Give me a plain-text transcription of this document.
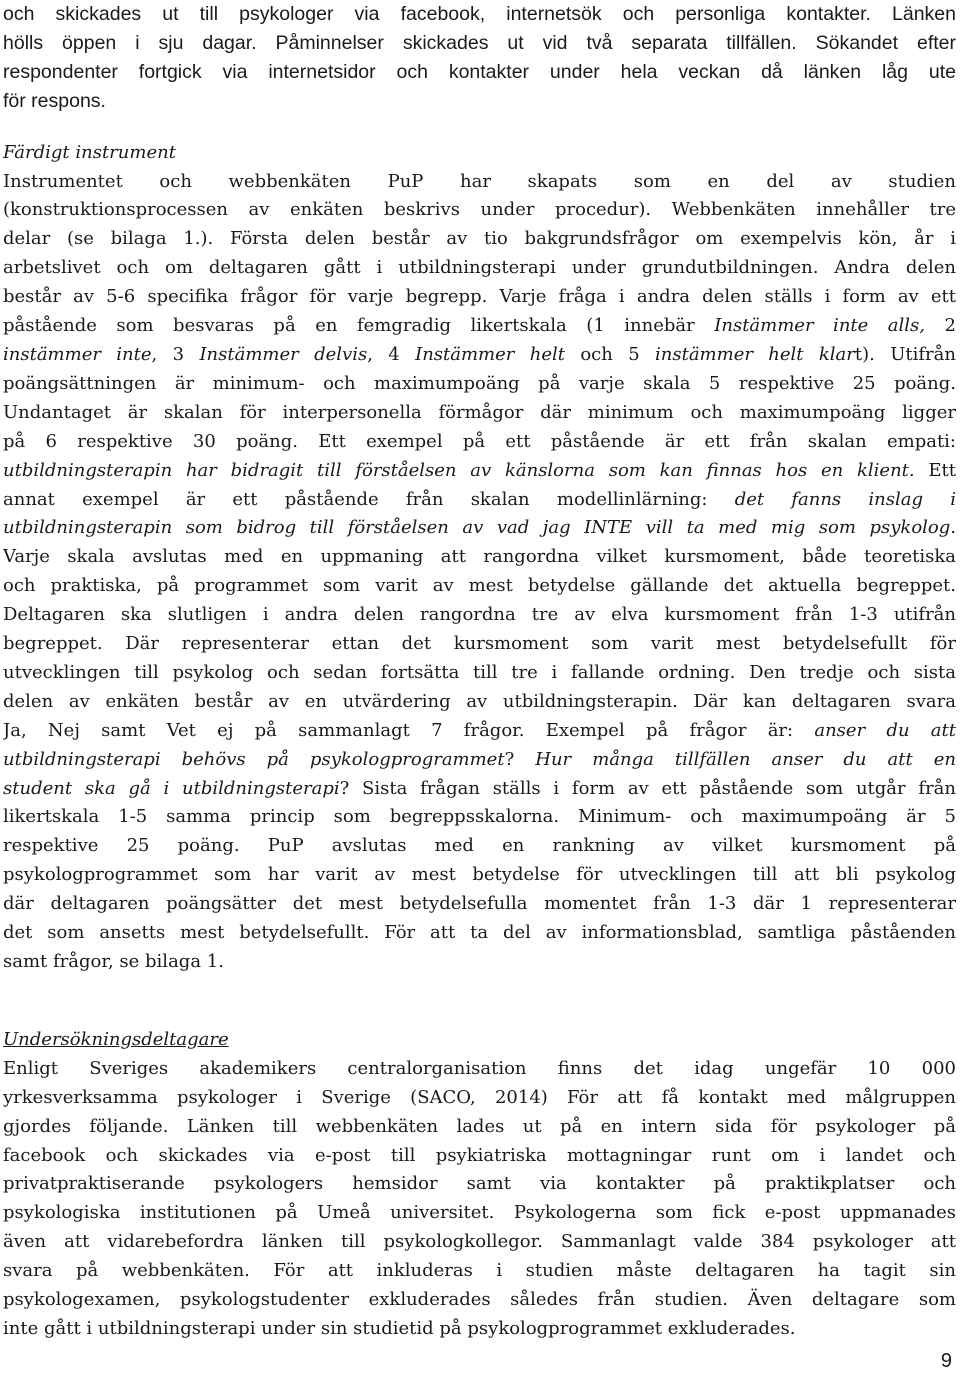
och skickades ut till psykologer via facebook, internetsök och personliga kontakter. Länken
hölls öppen i sju dagar. Påminnelser skickades ut vid två separata tillfällen. Sökandet efter
respondenter fortgick via internetsidor och kontakter under hela veckan då länken låg ute
för respons.

Färdigt instrument

Instrumentet och webbenkäten PuP har skapats som en del av studien
(konstruktionsprocessen av enkäten beskrivs under procedur). Webbenkäten innehåller tre
delar (se bilaga 1.). Första delen består av tio bakgrundsfrågor om exempelvis kön, år i
arbetslivet och om deltagaren gått i utbildningsterapi under grundutbildningen. Andra delen
består av 5-6 specifika frågor för varje begrepp. Varje fråga i andra delen ställs i form av ett
påstående som besvaras på en femgradig likertskala (1 innebär Instämmer inte alls, 2
instämmer inte, 3 Instämmer delvis, 4 Instämmer helt och 5 instämmer helt klart). Utifrån
poängsättningen är minimum- och maximumpoäng på varje skala 5 respektive 25 poäng.
Undantaget är skalan för interpersonella förmågor där minimum och maximumpoäng ligger
på 6 respektive 30 poäng. Ett exempel på ett påstående är ett från skalan empati:
utbildningsterapin har bidragit till förståelsen av känslorna som kan finnas hos en klient. Ett
annat exempel är ett påstående från skalan modellinlärning: det fanns inslag i
utbildningsterapin som bidrog till förståelsen av vad jag INTE vill ta med mig som psykolog.
Varje skala avslutas med en uppmaning att rangordna vilket kursmoment, både teoretiska
och praktiska, på programmet som varit av mest betydelse gällande det aktuella begreppet.
Deltagaren ska slutligen i andra delen rangordna tre av elva kursmoment från 1-3 utifrån
begreppet. Där representerar ettan det kursmoment som varit mest betydelsefullt för
utvecklingen till psykolog och sedan fortsätta till tre i fallande ordning. Den tredje och sista
delen av enkäten består av en utvärdering av utbildningsterapin. Där kan deltagaren svara
Ja, Nej samt Vet ej på sammanlagt 7 frågor. Exempel på frågor är: anser du att
utbildningsterapi behövs på psykologprogrammet? Hur många tillfällen anser du att en
student ska gå i utbildningsterapi? Sista frågan ställs i form av ett påstående som utgår från
likertskala 1-5 samma princip som begreppsskalorna. Minimum- och maximumpoäng är 5
respektive 25 poäng. PuP avslutas med en rankning av vilket kursmoment på
psykologprogrammet som har varit av mest betydelse för utvecklingen till att bli psykolog
där deltagaren poängsätter det mest betydelsefulla momentet från 1-3 där 1 representerar
det som ansetts mest betydelsefullt. För att ta del av informationsblad, samtliga påståenden
samt frågor, se bilaga 1.

Undersökningsdeltagare

Enligt Sveriges akademikers centralorganisation finns det idag ungefär 10 000
yrkesverksamma psykologer i Sverige (SACO, 2014) För att få kontakt med målgruppen
gjordes följande. Länken till webbenkäten lades ut på en intern sida för psykologer på
facebook och skickades via e-post till psykiatriska mottagningar runt om i landet och
privatpraktiserande psykologers hemsidor samt via kontakter på praktikplatser och
psykologiska institutionen på Umeå universitet. Psykologerna som fick e-post uppmanades
även att vidarebefordra länken till psykologkollegor. Sammanlagt valde 384 psykologer att
svara på webbenkäten. För att inkluderas i studien måste deltagaren ha tagit sin
psykologexamen, psykologstudenter exkluderades således från studien. Även deltagare som
inte gått i utbildningsterapi under sin studietid på psykologprogrammet exkluderades.

9
